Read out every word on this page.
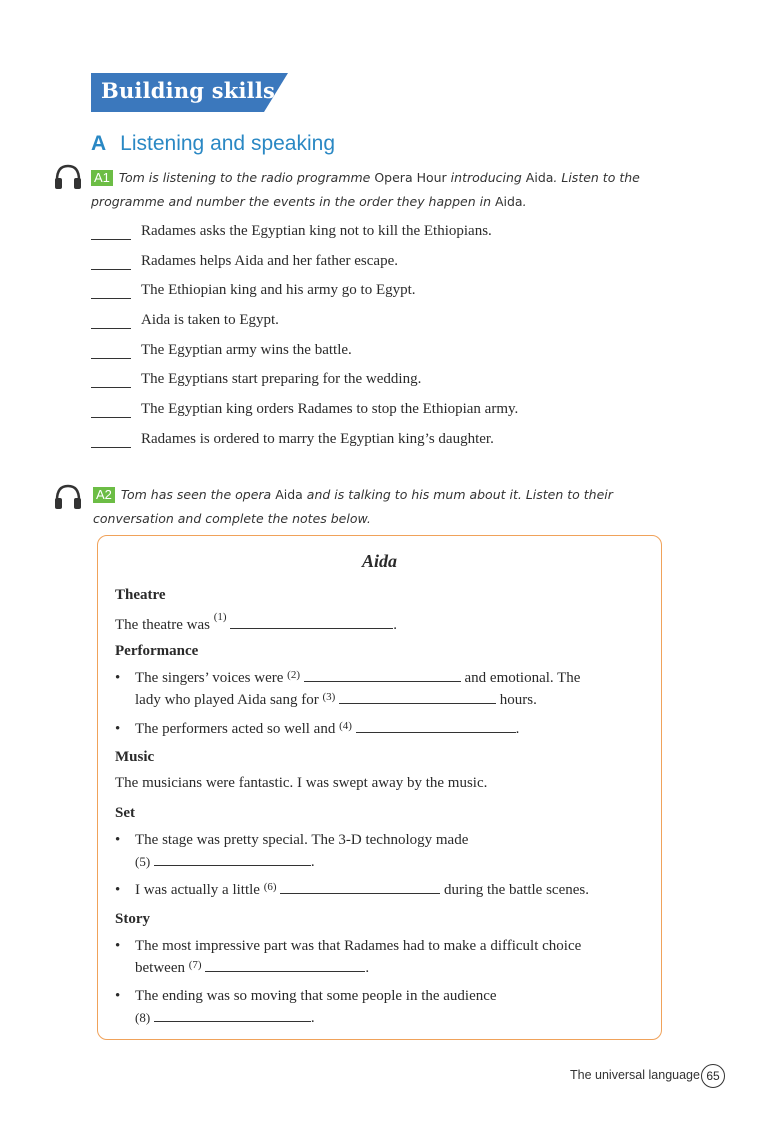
Building skills
A Listening and speaking
A1 Tom is listening to the radio programme Opera Hour introducing Aida. Listen to the programme and number the events in the order they happen in Aida.
Radames asks the Egyptian king not to kill the Ethiopians.
Radames helps Aida and her father escape.
The Ethiopian king and his army go to Egypt.
Aida is taken to Egypt.
The Egyptian army wins the battle.
The Egyptians start preparing for the wedding.
The Egyptian king orders Radames to stop the Ethiopian army.
Radames is ordered to marry the Egyptian king’s daughter.
A2 Tom has seen the opera Aida and is talking to his mum about it. Listen to their conversation and complete the notes below.
Aida
Theatre
The theatre was $^{(1)}$	.
Performance
• The singers’ voices were $^{(2)}$	and emotional. The
lady who played Aida sang for $^{(3)}$	hours.
• The performers acted so well and $^{(4)}$	.
Music
The musicians were fantastic. I was swept away by the music.
Set
• The stage was pretty special. The 3-D technology made
(5)	.
• I was actually a little $^{(6)}$	during the battle scenes.
Story
• The most impressive part was that Radames had to make a difficult choice
between $^{(7)}$	.
• The ending was so moving that some people in the audience
(8)	.
The universal language 65
